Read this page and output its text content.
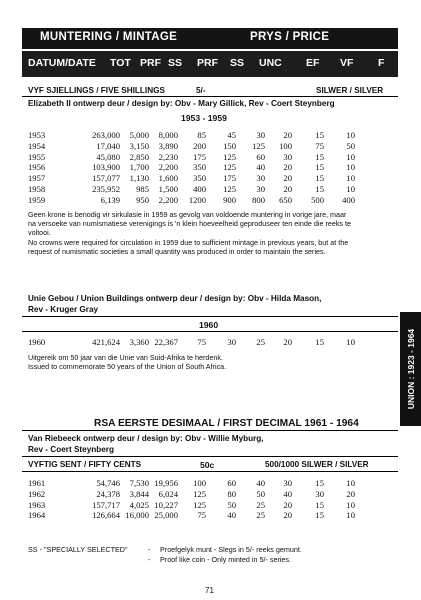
MUNTERING / MINTAGE	PRYS / PRICE
DATUM/DATE TOT PRF SS PRF SS UNC EF VF F
VYF SJIELLINGS / FIVE SHILLINGS	5/-	SILWER / SILVER
Elizabeth II ontwerp deur / design by: Obv - Mary Gillick, Rev - Coert Steynberg
1953 - 1959
1953	263,000	5,000	8,000	85	45	30	20	15	10
1954	17,040	3,150	3,890	200	150	125	100	75	50
1955	45,080	2,850	2,230	175	125	60	30	15	10
1956	103,900	1,700	2,200	350	125	40	20	15	10
1957	157,077	1,130	1,600	350	175	30	20	15	10
1958	235,952	985	1,500	400	125	30	20	15	10
1959	6,139	950	2,200	1200	900	800	650	500	400
Geen krone is benodig vir sirkulasie in 1959 as gevolg van voldoende muntering in vorige jare, maar
na versoeke van numismatiese verenigings is 'n klein hoeveelheid geproduseer ten einde die reeks te
voltooi.
No crowns were required for circulation in 1959 due to sufficient mintage in previous years, but at the
request of numismatic societies a small quantity was produced in order to maintain the series.
Unie Gebou / Union Buildings ontwerp deur / design by: Obv - Hilda Mason,
Rev - Kruger Gray
1960
1960	421,624	3,360 22,367	75	30	25	20	15	10
Uitgereik om 50 jaar van die Unie van Suid-Afrika te herdenk.
Issued to commemorate 50 years of the Union of South Africa.	UNION : 1923 - 1964
RSA EERSTE DESIMAAL / FIRST DECIMAL 1961 - 1964
Van Riebeeck ontwerp deur / design by: Obv - Willie Myburg,
Rev - Coert Steynberg
VYFTIG SENT / FIFTY CENTS	50c	500/1000 SILWER / SILVER
1961	54,746	7,530 19,956	100	60	40	30	15	10
1962	24,378	3,844	6,024	125	80	50	40	30	20
1963	157,717	4,025 10,227	125	50	25	20	15	10
1964	126,664 16,000 25,000	75	40	25	20	15	10
SS - "SPECIALLY SELECTED"	- Proefgelyk munt - Slegs in 5/- reeks gemunt.
- Proof like coin - Only minted in 5/- series.
71
